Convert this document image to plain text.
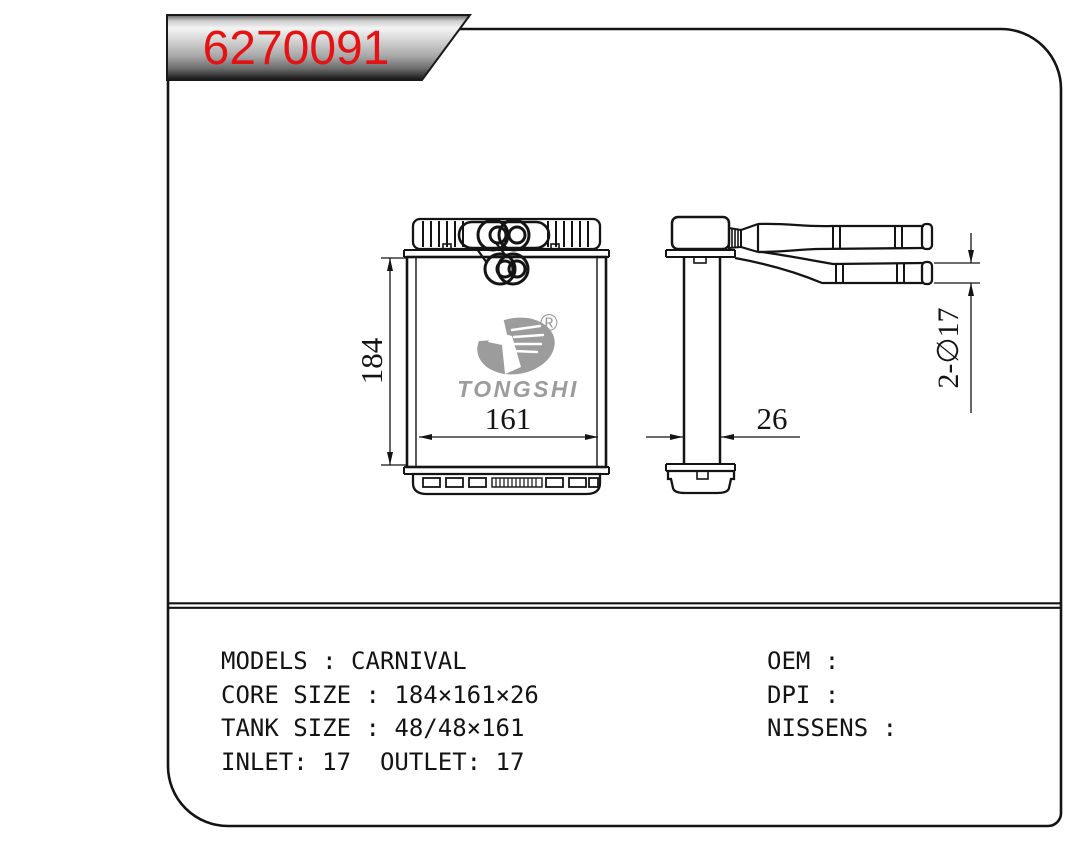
6270091
184
161	26
2-∅17
®
TONGSHI
MODELS : CARNIVAL
CORE SIZE : 184×161×26
TANK SIZE : 48/48×161
INLET: 17  OUTLET: 17
OEM :
DPI :
NISSENS :
